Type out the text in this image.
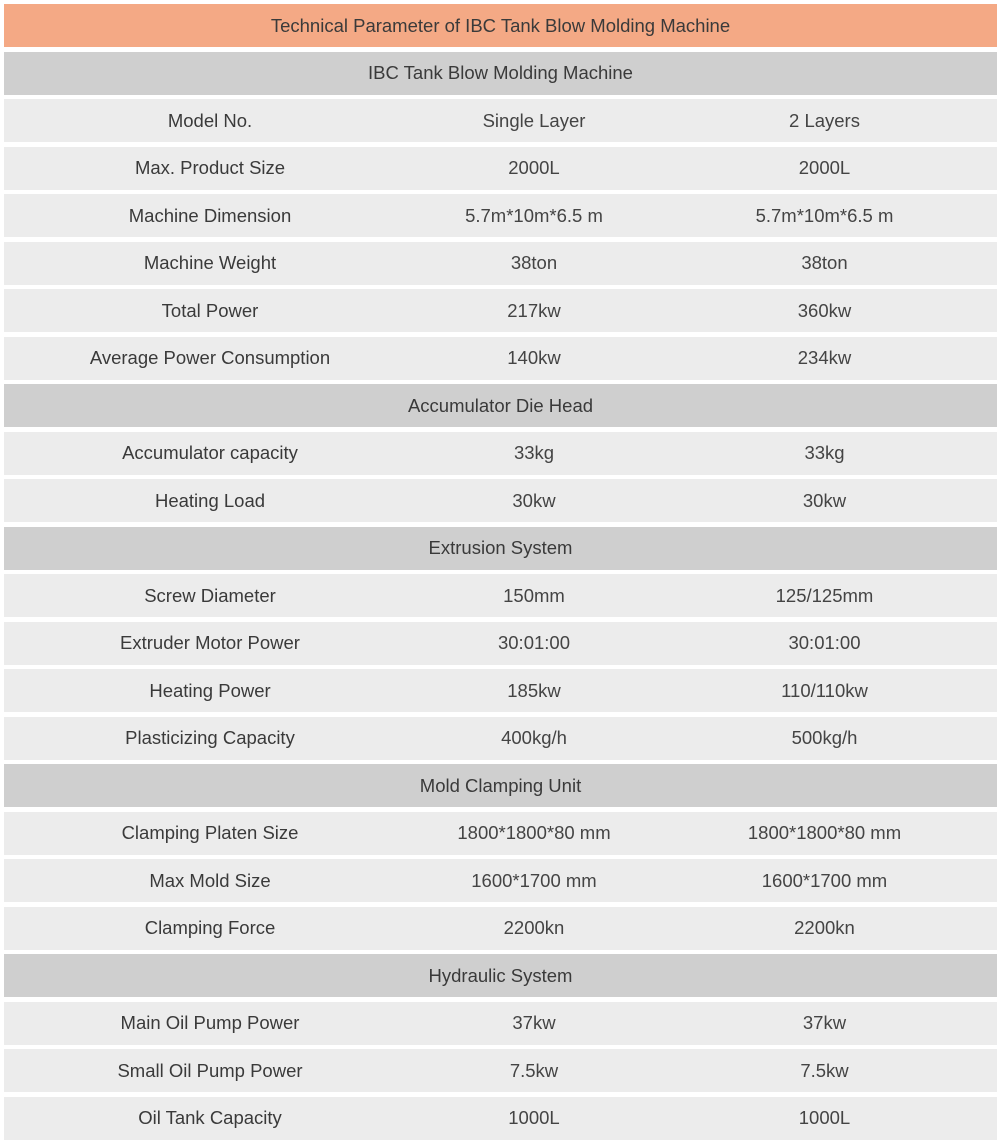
Technical Parameter of IBC Tank Blow Molding Machine
IBC Tank Blow Molding Machine
Model No.	Single Layer	2 Layers
Max. Product Size	2000L	2000L
Machine Dimension	5.7m*10m*6.5 m	5.7m*10m*6.5 m
Machine Weight	38ton	38ton
Total Power	217kw	360kw
Average Power Consumption	140kw	234kw
Accumulator Die Head
Accumulator capacity	33kg	33kg
Heating Load	30kw	30kw
Extrusion System
Screw Diameter	150mm	125/125mm
Extruder Motor Power	30:01:00	30:01:00
Heating Power	185kw	110/110kw
Plasticizing Capacity	400kg/h	500kg/h
Mold Clamping Unit
Clamping Platen Size	1800*1800*80 mm	1800*1800*80 mm
Max Mold Size	1600*1700 mm	1600*1700 mm
Clamping Force	2200kn	2200kn
Hydraulic System
Main Oil Pump Power	37kw	37kw
Small Oil Pump Power	7.5kw	7.5kw
Oil Tank Capacity	1000L	1000L
